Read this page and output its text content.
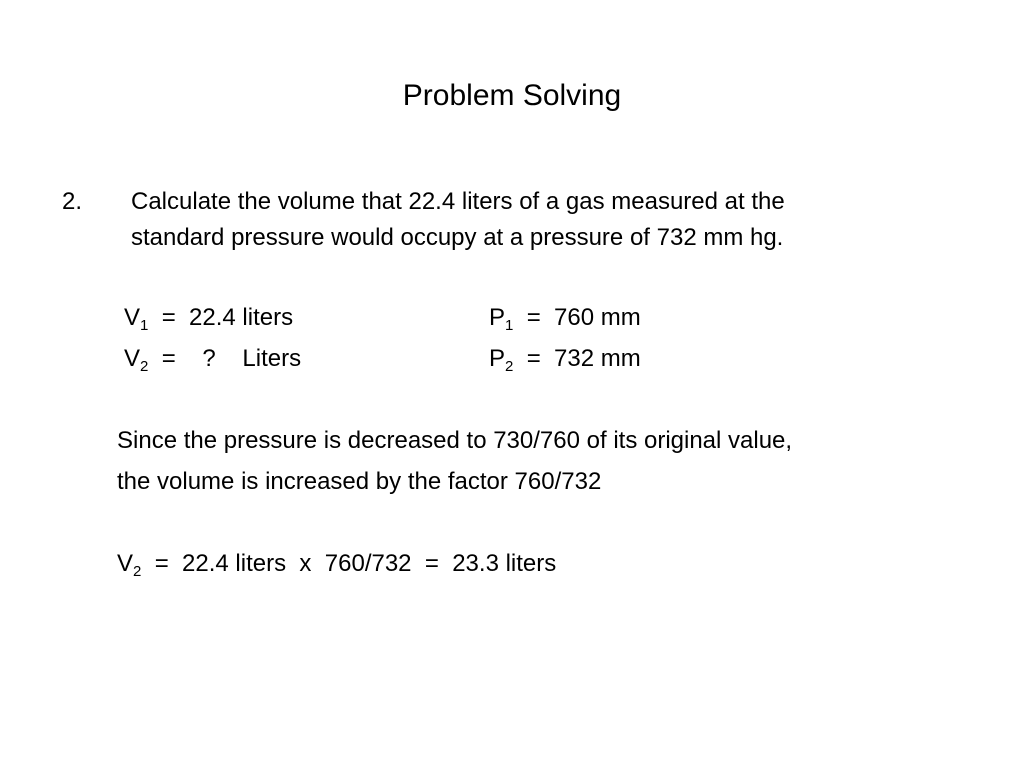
Problem Solving
2. Calculate the volume that 22.4 liters of a gas measured at the
standard pressure would occupy at a pressure of 732 mm hg.
$V_1 = 22.4$ liters	$P_1 = 760$ mm
$V_2$  =    ?    Liters	$P_2 = 732$ mm
Since the pressure is decreased to 730/760 of its original value,
the volume is increased by the factor 760/732
$V_2 = 22.4$ liters  x  760/732  =  23.3 liters
